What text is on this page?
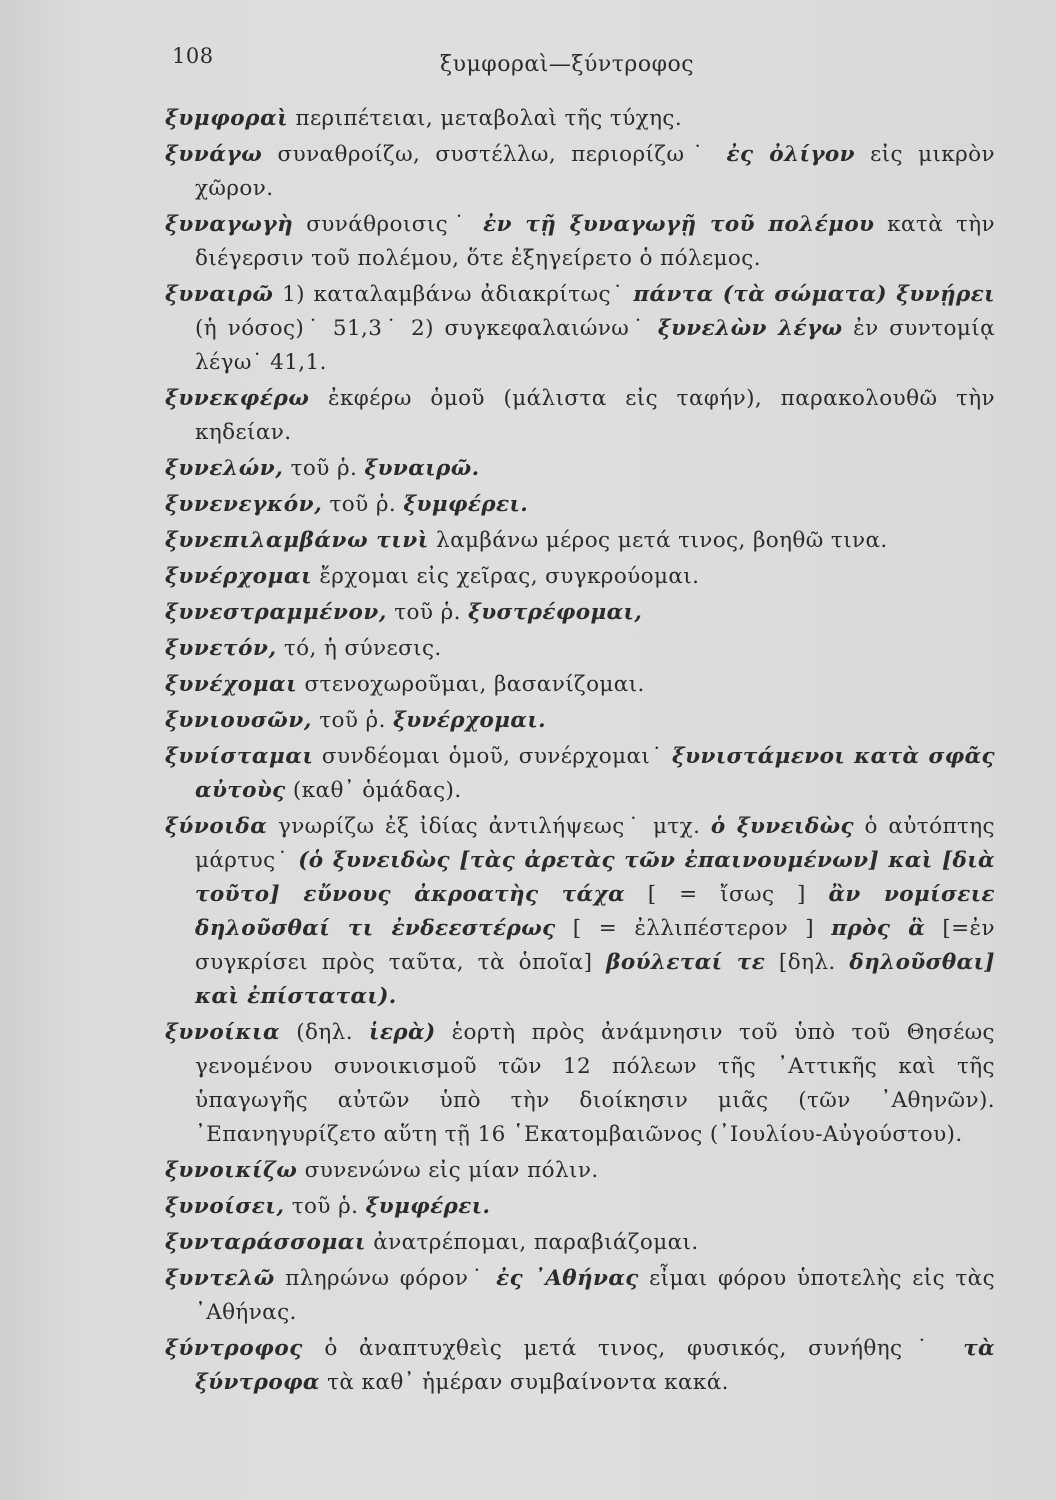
108	ξυμφοραὶ—ξύντροφος
ξυμφοραὶ περιπέτειαι, μεταβολαὶ τῆς τύχης.
ξυνάγω συναθροίζω, συστέλλω, περιορίζω˙ ἐς ὀλίγον εἰς μικρὸν χῶρον.
ξυναγωγὴ συνάθροισις˙ ἐν τῇ ξυναγωγῇ τοῦ πολέμου κατὰ τὴν διέγερσιν τοῦ πολέμου, ὅτε ἐξηγείρετο ὁ πόλεμος.
ξυναιρῶ 1) καταλαμβάνω ἀδιακρίτως˙ πάντα (τὰ σώματα) ξυνῄρει (ἡ νόσος)˙ 51,3˙ 2) συγκεφαλαιώνω˙ ξυνελὼν λέγω ἐν συντομίᾳ λέγω˙ 41,1.
ξυνεκφέρω ἐκφέρω ὁμοῦ (μάλιστα εἰς ταφήν), παρακολουθῶ τὴν κηδείαν.
ξυνελών, τοῦ ῥ. ξυναιρῶ.
ξυνενεγκόν, τοῦ ῥ. ξυμφέρει.
ξυνεπιλαμβάνω τινὶ λαμβάνω μέρος μετά τινος, βοηθῶ τινα.
ξυνέρχομαι ἔρχομαι εἰς χεῖρας, συγκρούομαι.
ξυνεστραμμένον, τοῦ ῥ. ξυστρέφομαι,
ξυνετόν, τό, ἡ σύνεσις.
ξυνέχομαι στενοχωροῦμαι, βασανίζομαι.
ξυνιουσῶν, τοῦ ῥ. ξυνέρχομαι.
ξυνίσταμαι συνδέομαι ὁμοῦ, συνέρχομαι˙ ξυνιστάμενοι κατὰ σφᾶς αὐτοὺς (καθ᾽ ὁμάδας).
ξύνοιδα γνωρίζω ἐξ ἰδίας ἀντιλήψεως˙ μτχ. ὁ ξυνειδὼς ὁ αὐτόπτης μάρτυς˙ (ὁ ξυνειδὼς [τὰς ἀρετὰς τῶν ἐπαινουμένων] καὶ [διὰ τοῦτο] εὔνους ἀκροατὴς τάχα [ = ἴσως ] ἂν νομίσειε δηλοῦσθαί τι ἐνδεεστέρως [ = ἐλλιπέστερον ] πρὸς ἃ [=ἐν συγκρίσει πρὸς ταῦτα, τὰ ὁποῖα] βούλεταί τε [δηλ. δηλοῦσθαι] καὶ ἐπίσταται).
ξυνοίκια (δηλ. ἱερὰ) ἑορτὴ πρὸς ἀνάμνησιν τοῦ ὑπὸ τοῦ Θησέως γενομένου συνοικισμοῦ τῶν 12 πόλεων τῆς ᾽Αττικῆς καὶ τῆς ὑπαγωγῆς αὐτῶν ὑπὸ τὴν διοίκησιν μιᾶς (τῶν ᾽Αθηνῶν). ᾽Επανηγυρίζετο αὕτη τῇ 16 ῾Εκατομβαιῶνος (᾽Ιουλίου-Αὐγούστου).
ξυνοικίζω συνενώνω εἰς μίαν πόλιν.
ξυνοίσει, τοῦ ῥ. ξυμφέρει.
ξυνταράσσομαι ἀνατρέπομαι, παραβιάζομαι.
ξυντελῶ πληρώνω φόρον˙ ἐς ᾽Αθήνας εἶμαι φόρου ὑποτελὴς εἰς τὰς ᾽Αθήνας.
ξύντροφος ὁ ἀναπτυχθεὶς μετά τινος, φυσικός, συνήθης˙ τὰ ξύντροφα τὰ καθ᾽ ἡμέραν συμβαίνοντα κακά.
